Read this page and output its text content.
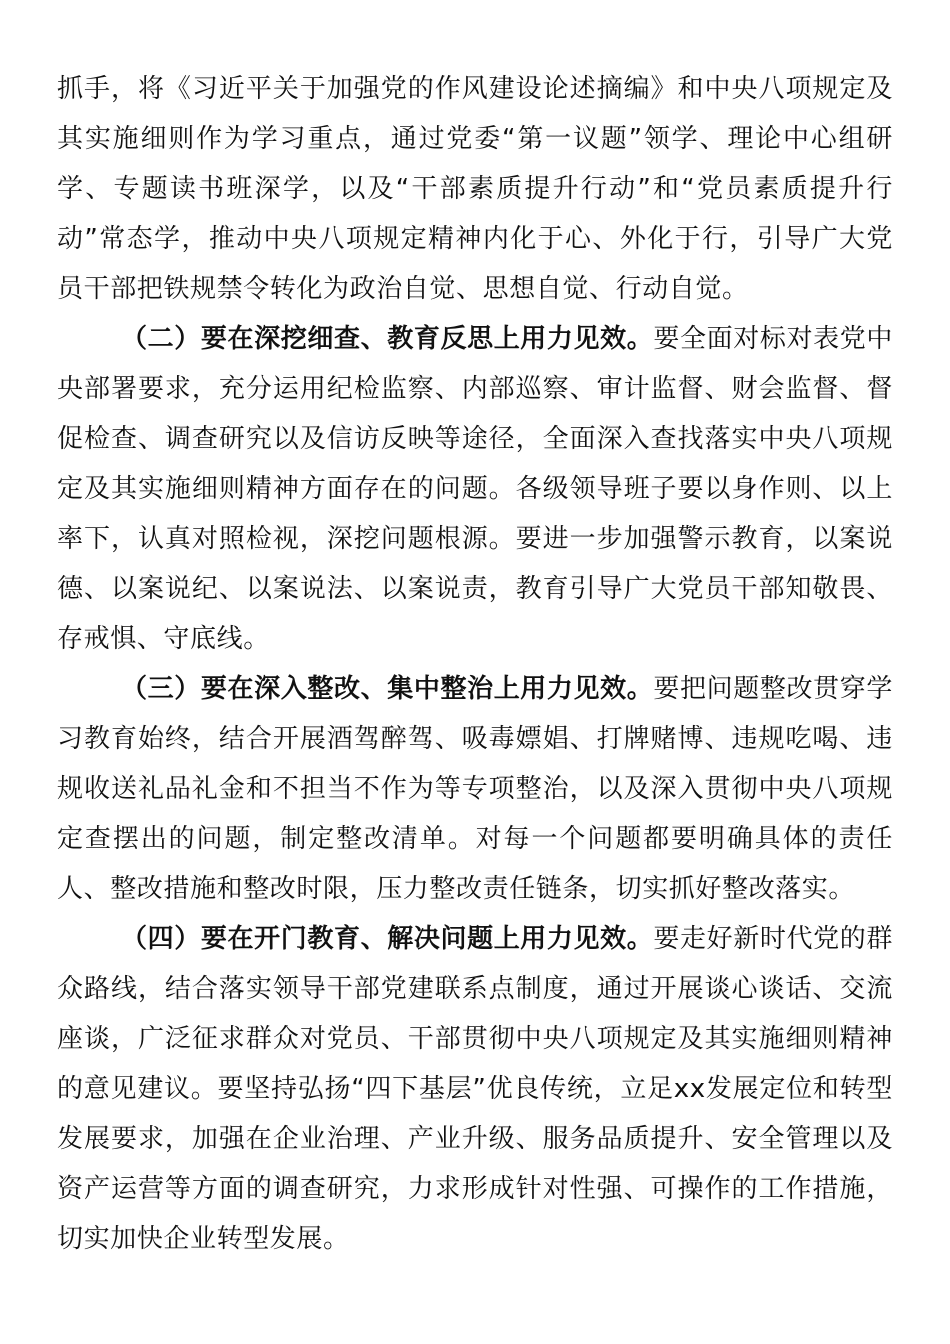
抓手，将《习近平关于加强党的作风建设论述摘编》和中央八项规定及其实施细则作为学习重点，通过党委“第一议题”领学、理论中心组研学、专题读书班深学，以及“干部素质提升行动”和“党员素质提升行动”常态学，推动中央八项规定精神内化于心、外化于行，引导广大党员干部把铁规禁令转化为政治自觉、思想自觉、行动自觉。

（二）要在深挖细查、教育反思上用力见效。要全面对标对表党中央部署要求，充分运用纪检监察、内部巡察、审计监督、财会监督、督促检查、调查研究以及信访反映等途径，全面深入查找落实中央八项规定及其实施细则精神方面存在的问题。各级领导班子要以身作则、以上率下，认真对照检视，深挖问题根源。要进一步加强警示教育，以案说德、以案说纪、以案说法、以案说责，教育引导广大党员干部知敬畏、存戒惧、守底线。

（三）要在深入整改、集中整治上用力见效。要把问题整改贯穿学习教育始终，结合开展酒驾醉驾、吸毒嫖娼、打牌赌博、违规吃喝、违规收送礼品礼金和不担当不作为等专项整治，以及深入贯彻中央八项规定查摆出的问题，制定整改清单。对每一个问题都要明确具体的责任人、整改措施和整改时限，压力整改责任链条，切实抓好整改落实。

（四）要在开门教育、解决问题上用力见效。要走好新时代党的群众路线，结合落实领导干部党建联系点制度，通过开展谈心谈话、交流座谈，广泛征求群众对党员、干部贯彻中央八项规定及其实施细则精神的意见建议。要坚持弘扬“四下基层”优良传统，立足xx发展定位和转型发展要求，加强在企业治理、产业升级、服务品质提升、安全管理以及资产运营等方面的调查研究，力求形成针对性强、可操作的工作措施，切实加快企业转型发展。
